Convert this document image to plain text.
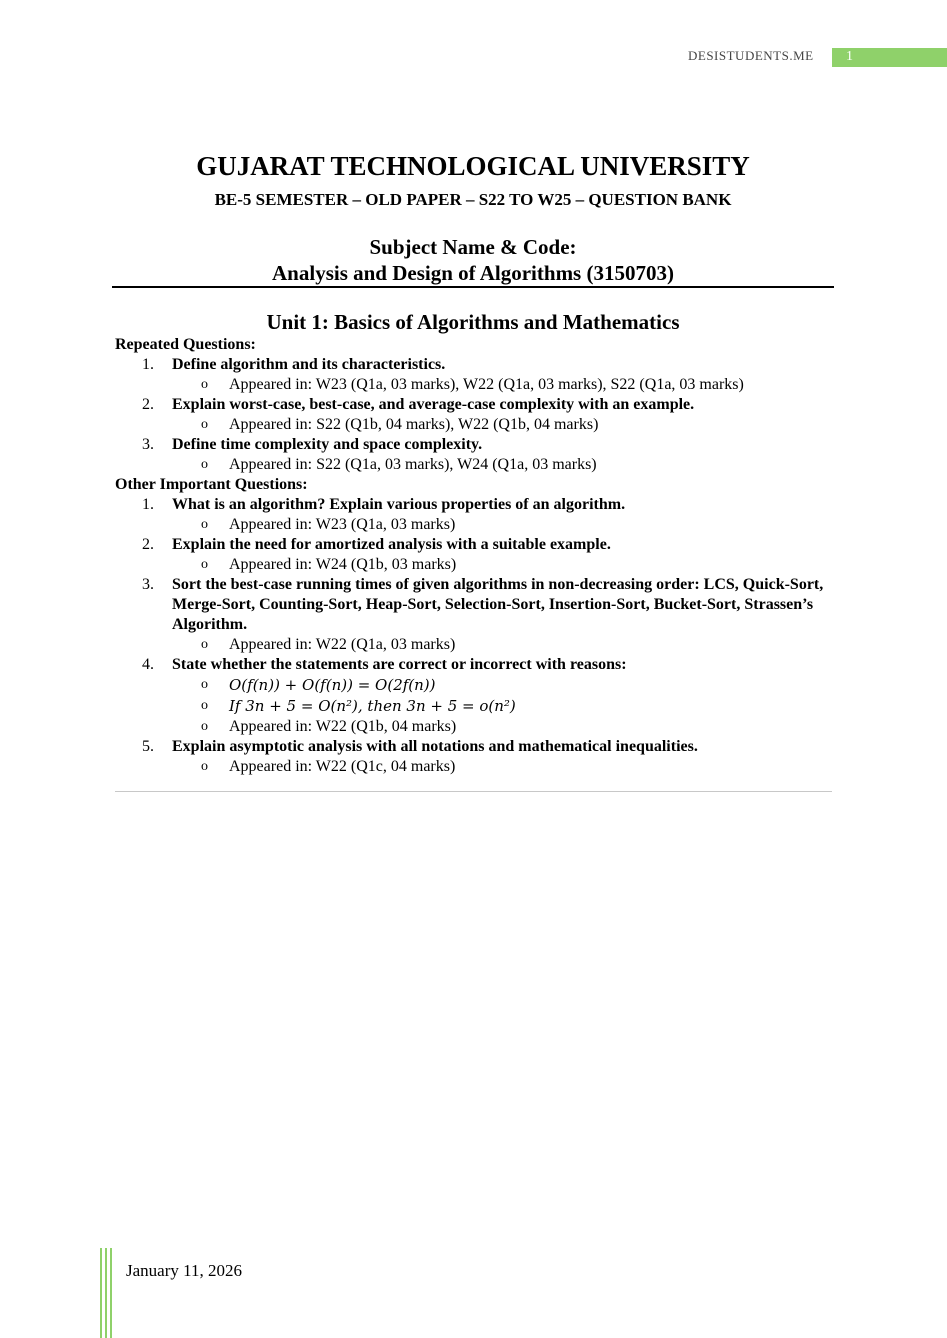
DESISTUDENTS.ME 1
GUJARAT TECHNOLOGICAL UNIVERSITY
BE-5 SEMESTER – OLD PAPER – S22 TO W25 – QUESTION BANK
Subject Name & Code:
Analysis and Design of Algorithms (3150703)
Unit 1: Basics of Algorithms and Mathematics
Repeated Questions:
1. Define algorithm and its characteristics.
o Appeared in: W23 (Q1a, 03 marks), W22 (Q1a, 03 marks), S22 (Q1a, 03 marks)
2. Explain worst-case, best-case, and average-case complexity with an example.
o Appeared in: S22 (Q1b, 04 marks), W22 (Q1b, 04 marks)
3. Define time complexity and space complexity.
o Appeared in: S22 (Q1a, 03 marks), W24 (Q1a, 03 marks)
Other Important Questions:
1. What is an algorithm? Explain various properties of an algorithm.
o Appeared in: W23 (Q1a, 03 marks)
2. Explain the need for amortized analysis with a suitable example.
o Appeared in: W24 (Q1b, 03 marks)
3. Sort the best-case running times of given algorithms in non-decreasing order: LCS, Quick-Sort, Merge-Sort, Counting-Sort, Heap-Sort, Selection-Sort, Insertion-Sort, Bucket-Sort, Strassen’s Algorithm.
o Appeared in: W22 (Q1a, 03 marks)
4. State whether the statements are correct or incorrect with reasons:
o 𝑂(𝑓(𝑛)) + 𝑂(𝑓(𝑛)) = 𝑂(2𝑓(𝑛))
o If 3𝑛 + 5 = 𝑂(𝑛²), then 3𝑛 + 5 = 𝑜(𝑛²)
o Appeared in: W22 (Q1b, 04 marks)
5. Explain asymptotic analysis with all notations and mathematical inequalities.
o Appeared in: W22 (Q1c, 04 marks)
January 11, 2026
